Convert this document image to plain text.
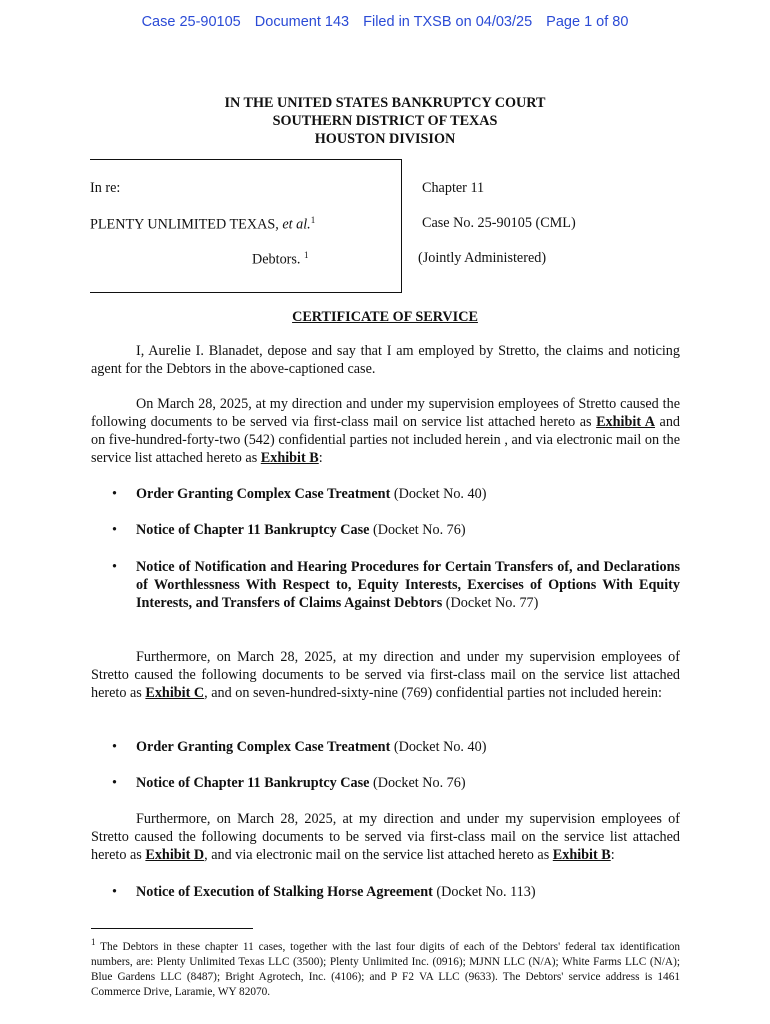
Case 25-90105 Document 143 Filed in TXSB on 04/03/25 Page 1 of 80
IN THE UNITED STATES BANKRUPTCY COURT
SOUTHERN DISTRICT OF TEXAS
HOUSTON DIVISION
In re:
PLENTY UNLIMITED TEXAS, et al.$^1$
Debtors. $^1$
Chapter 11
Case No. 25-90105 (CML)
(Jointly Administered)
CERTIFICATE OF SERVICE
I, Aurelie I. Blanadet, depose and say that I am employed by Stretto, the claims and noticing agent for the Debtors in the above-captioned case.
On March 28, 2025, at my direction and under my supervision employees of Stretto caused the following documents to be served via first-class mail on service list attached hereto as Exhibit A and on five-hundred-forty-two (542) confidential parties not included herein , and via electronic mail on the service list attached hereto as Exhibit B:
• Order Granting Complex Case Treatment (Docket No. 40)
• Notice of Chapter 11 Bankruptcy Case (Docket No. 76)
• Notice of Notification and Hearing Procedures for Certain Transfers of, and Declarations of Worthlessness With Respect to, Equity Interests, Exercises of Options With Equity Interests, and Transfers of Claims Against Debtors (Docket No. 77)
Furthermore, on March 28, 2025, at my direction and under my supervision employees of Stretto caused the following documents to be served via first-class mail on the service list attached hereto as Exhibit C, and on seven-hundred-sixty-nine (769) confidential parties not included herein:
• Order Granting Complex Case Treatment (Docket No. 40)
• Notice of Chapter 11 Bankruptcy Case (Docket No. 76)
Furthermore, on March 28, 2025, at my direction and under my supervision employees of Stretto caused the following documents to be served via first-class mail on the service list attached hereto as Exhibit D, and via electronic mail on the service list attached hereto as Exhibit B:
• Notice of Execution of Stalking Horse Agreement (Docket No. 113)
$^1$ The Debtors in these chapter 11 cases, together with the last four digits of each of the Debtors' federal tax identification numbers, are: Plenty Unlimited Texas LLC (3500); Plenty Unlimited Inc. (0916); MJNN LLC (N/A); White Farms LLC (N/A); Blue Gardens LLC (8487); Bright Agrotech, Inc. (4106); and P F2 VA LLC (9633). The Debtors' service address is 1461 Commerce Drive, Laramie, WY 82070.
